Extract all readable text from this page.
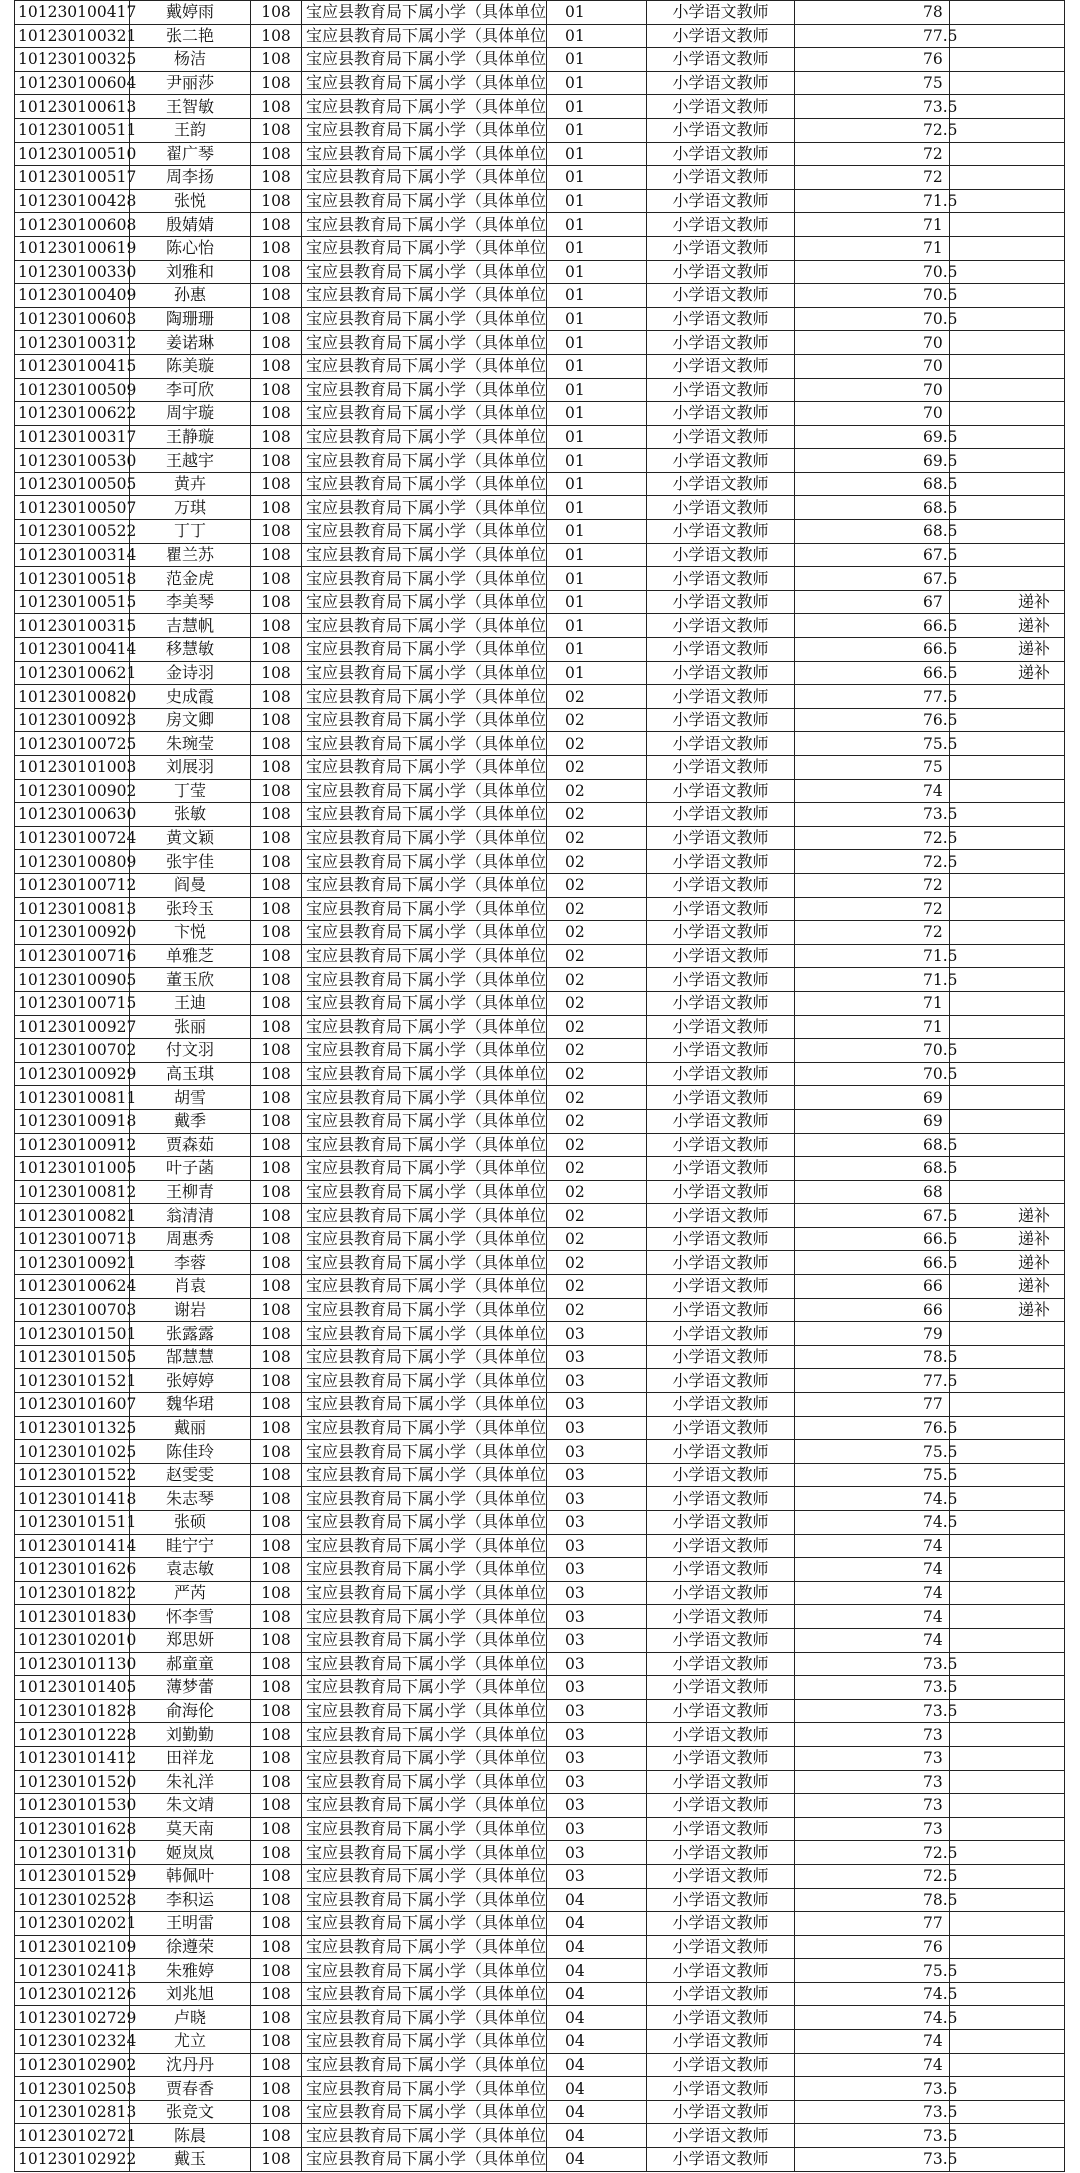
101230100417	戴婷雨	108	宝应县教育局下属小学（具体单位	01	小学语文教师	78	
101230100321	张二艳	108	宝应县教育局下属小学（具体单位	01	小学语文教师	77.5	
101230100325	杨洁	108	宝应县教育局下属小学（具体单位	01	小学语文教师	76	
101230100604	尹丽莎	108	宝应县教育局下属小学（具体单位	01	小学语文教师	75	
101230100613	王智敏	108	宝应县教育局下属小学（具体单位	01	小学语文教师	73.5	
101230100511	王韵	108	宝应县教育局下属小学（具体单位	01	小学语文教师	72.5	
101230100510	翟广琴	108	宝应县教育局下属小学（具体单位	01	小学语文教师	72	
101230100517	周李扬	108	宝应县教育局下属小学（具体单位	01	小学语文教师	72	
101230100428	张悦	108	宝应县教育局下属小学（具体单位	01	小学语文教师	71.5	
101230100608	殷婧婧	108	宝应县教育局下属小学（具体单位	01	小学语文教师	71	
101230100619	陈心怡	108	宝应县教育局下属小学（具体单位	01	小学语文教师	71	
101230100330	刘雅和	108	宝应县教育局下属小学（具体单位	01	小学语文教师	70.5	
101230100409	孙惠	108	宝应县教育局下属小学（具体单位	01	小学语文教师	70.5	
101230100603	陶珊珊	108	宝应县教育局下属小学（具体单位	01	小学语文教师	70.5	
101230100312	姜诺琳	108	宝应县教育局下属小学（具体单位	01	小学语文教师	70	
101230100415	陈美璇	108	宝应县教育局下属小学（具体单位	01	小学语文教师	70	
101230100509	李可欣	108	宝应县教育局下属小学（具体单位	01	小学语文教师	70	
101230100622	周宇璇	108	宝应县教育局下属小学（具体单位	01	小学语文教师	70	
101230100317	王静璇	108	宝应县教育局下属小学（具体单位	01	小学语文教师	69.5	
101230100530	王越宇	108	宝应县教育局下属小学（具体单位	01	小学语文教师	69.5	
101230100505	黄卉	108	宝应县教育局下属小学（具体单位	01	小学语文教师	68.5	
101230100507	万琪	108	宝应县教育局下属小学（具体单位	01	小学语文教师	68.5	
101230100522	丁丁	108	宝应县教育局下属小学（具体单位	01	小学语文教师	68.5	
101230100314	瞿兰苏	108	宝应县教育局下属小学（具体单位	01	小学语文教师	67.5	
101230100518	范金虎	108	宝应县教育局下属小学（具体单位	01	小学语文教师	67.5	
101230100515	李美琴	108	宝应县教育局下属小学（具体单位	01	小学语文教师	67	递补
101230100315	吉慧帆	108	宝应县教育局下属小学（具体单位	01	小学语文教师	66.5	递补
101230100414	移慧敏	108	宝应县教育局下属小学（具体单位	01	小学语文教师	66.5	递补
101230100621	金诗羽	108	宝应县教育局下属小学（具体单位	01	小学语文教师	66.5	递补
101230100820	史成霞	108	宝应县教育局下属小学（具体单位	02	小学语文教师	77.5	
101230100923	房文卿	108	宝应县教育局下属小学（具体单位	02	小学语文教师	76.5	
101230100725	朱琬莹	108	宝应县教育局下属小学（具体单位	02	小学语文教师	75.5	
101230101003	刘展羽	108	宝应县教育局下属小学（具体单位	02	小学语文教师	75	
101230100902	丁莹	108	宝应县教育局下属小学（具体单位	02	小学语文教师	74	
101230100630	张敏	108	宝应县教育局下属小学（具体单位	02	小学语文教师	73.5	
101230100724	黄文颖	108	宝应县教育局下属小学（具体单位	02	小学语文教师	72.5	
101230100809	张宇佳	108	宝应县教育局下属小学（具体单位	02	小学语文教师	72.5	
101230100712	阎曼	108	宝应县教育局下属小学（具体单位	02	小学语文教师	72	
101230100813	张玲玉	108	宝应县教育局下属小学（具体单位	02	小学语文教师	72	
101230100920	卞悦	108	宝应县教育局下属小学（具体单位	02	小学语文教师	72	
101230100716	单雅芝	108	宝应县教育局下属小学（具体单位	02	小学语文教师	71.5	
101230100905	董玉欣	108	宝应县教育局下属小学（具体单位	02	小学语文教师	71.5	
101230100715	王迪	108	宝应县教育局下属小学（具体单位	02	小学语文教师	71	
101230100927	张丽	108	宝应县教育局下属小学（具体单位	02	小学语文教师	71	
101230100702	付文羽	108	宝应县教育局下属小学（具体单位	02	小学语文教师	70.5	
101230100929	高玉琪	108	宝应县教育局下属小学（具体单位	02	小学语文教师	70.5	
101230100811	胡雪	108	宝应县教育局下属小学（具体单位	02	小学语文教师	69	
101230100918	戴季	108	宝应县教育局下属小学（具体单位	02	小学语文教师	69	
101230100912	贾森茹	108	宝应县教育局下属小学（具体单位	02	小学语文教师	68.5	
101230101005	叶子菡	108	宝应县教育局下属小学（具体单位	02	小学语文教师	68.5	
101230100812	王柳青	108	宝应县教育局下属小学（具体单位	02	小学语文教师	68	
101230100821	翁清清	108	宝应县教育局下属小学（具体单位	02	小学语文教师	67.5	递补
101230100713	周惠秀	108	宝应县教育局下属小学（具体单位	02	小学语文教师	66.5	递补
101230100921	李蓉	108	宝应县教育局下属小学（具体单位	02	小学语文教师	66.5	递补
101230100624	肖袁	108	宝应县教育局下属小学（具体单位	02	小学语文教师	66	递补
101230100703	谢岩	108	宝应县教育局下属小学（具体单位	02	小学语文教师	66	递补
101230101501	张露露	108	宝应县教育局下属小学（具体单位	03	小学语文教师	79	
101230101505	郜慧慧	108	宝应县教育局下属小学（具体单位	03	小学语文教师	78.5	
101230101521	张婷婷	108	宝应县教育局下属小学（具体单位	03	小学语文教师	77.5	
101230101607	魏华珺	108	宝应县教育局下属小学（具体单位	03	小学语文教师	77	
101230101325	戴丽	108	宝应县教育局下属小学（具体单位	03	小学语文教师	76.5	
101230101025	陈佳玲	108	宝应县教育局下属小学（具体单位	03	小学语文教师	75.5	
101230101522	赵雯雯	108	宝应县教育局下属小学（具体单位	03	小学语文教师	75.5	
101230101418	朱志琴	108	宝应县教育局下属小学（具体单位	03	小学语文教师	74.5	
101230101511	张硕	108	宝应县教育局下属小学（具体单位	03	小学语文教师	74.5	
101230101414	眭宁宁	108	宝应县教育局下属小学（具体单位	03	小学语文教师	74	
101230101626	袁志敏	108	宝应县教育局下属小学（具体单位	03	小学语文教师	74	
101230101822	严芮	108	宝应县教育局下属小学（具体单位	03	小学语文教师	74	
101230101830	怀李雪	108	宝应县教育局下属小学（具体单位	03	小学语文教师	74	
101230102010	郑思妍	108	宝应县教育局下属小学（具体单位	03	小学语文教师	74	
101230101130	郝童童	108	宝应县教育局下属小学（具体单位	03	小学语文教师	73.5	
101230101405	薄梦蕾	108	宝应县教育局下属小学（具体单位	03	小学语文教师	73.5	
101230101828	俞海伦	108	宝应县教育局下属小学（具体单位	03	小学语文教师	73.5	
101230101228	刘勤勤	108	宝应县教育局下属小学（具体单位	03	小学语文教师	73	
101230101412	田祥龙	108	宝应县教育局下属小学（具体单位	03	小学语文教师	73	
101230101520	朱礼洋	108	宝应县教育局下属小学（具体单位	03	小学语文教师	73	
101230101530	朱文靖	108	宝应县教育局下属小学（具体单位	03	小学语文教师	73	
101230101628	莫天南	108	宝应县教育局下属小学（具体单位	03	小学语文教师	73	
101230101310	姬岚岚	108	宝应县教育局下属小学（具体单位	03	小学语文教师	72.5	
101230101529	韩佩叶	108	宝应县教育局下属小学（具体单位	03	小学语文教师	72.5	
101230102528	李积运	108	宝应县教育局下属小学（具体单位	04	小学语文教师	78.5	
101230102021	王明雷	108	宝应县教育局下属小学（具体单位	04	小学语文教师	77	
101230102109	徐遵荣	108	宝应县教育局下属小学（具体单位	04	小学语文教师	76	
101230102413	朱雅婷	108	宝应县教育局下属小学（具体单位	04	小学语文教师	75.5	
101230102126	刘兆旭	108	宝应县教育局下属小学（具体单位	04	小学语文教师	74.5	
101230102729	卢晓	108	宝应县教育局下属小学（具体单位	04	小学语文教师	74.5	
101230102324	尤立	108	宝应县教育局下属小学（具体单位	04	小学语文教师	74	
101230102902	沈丹丹	108	宝应县教育局下属小学（具体单位	04	小学语文教师	74	
101230102503	贾春香	108	宝应县教育局下属小学（具体单位	04	小学语文教师	73.5	
101230102813	张竞文	108	宝应县教育局下属小学（具体单位	04	小学语文教师	73.5	
101230102721	陈晨	108	宝应县教育局下属小学（具体单位	04	小学语文教师	73.5	
101230102922	戴玉	108	宝应县教育局下属小学（具体单位	04	小学语文教师	73.5	
